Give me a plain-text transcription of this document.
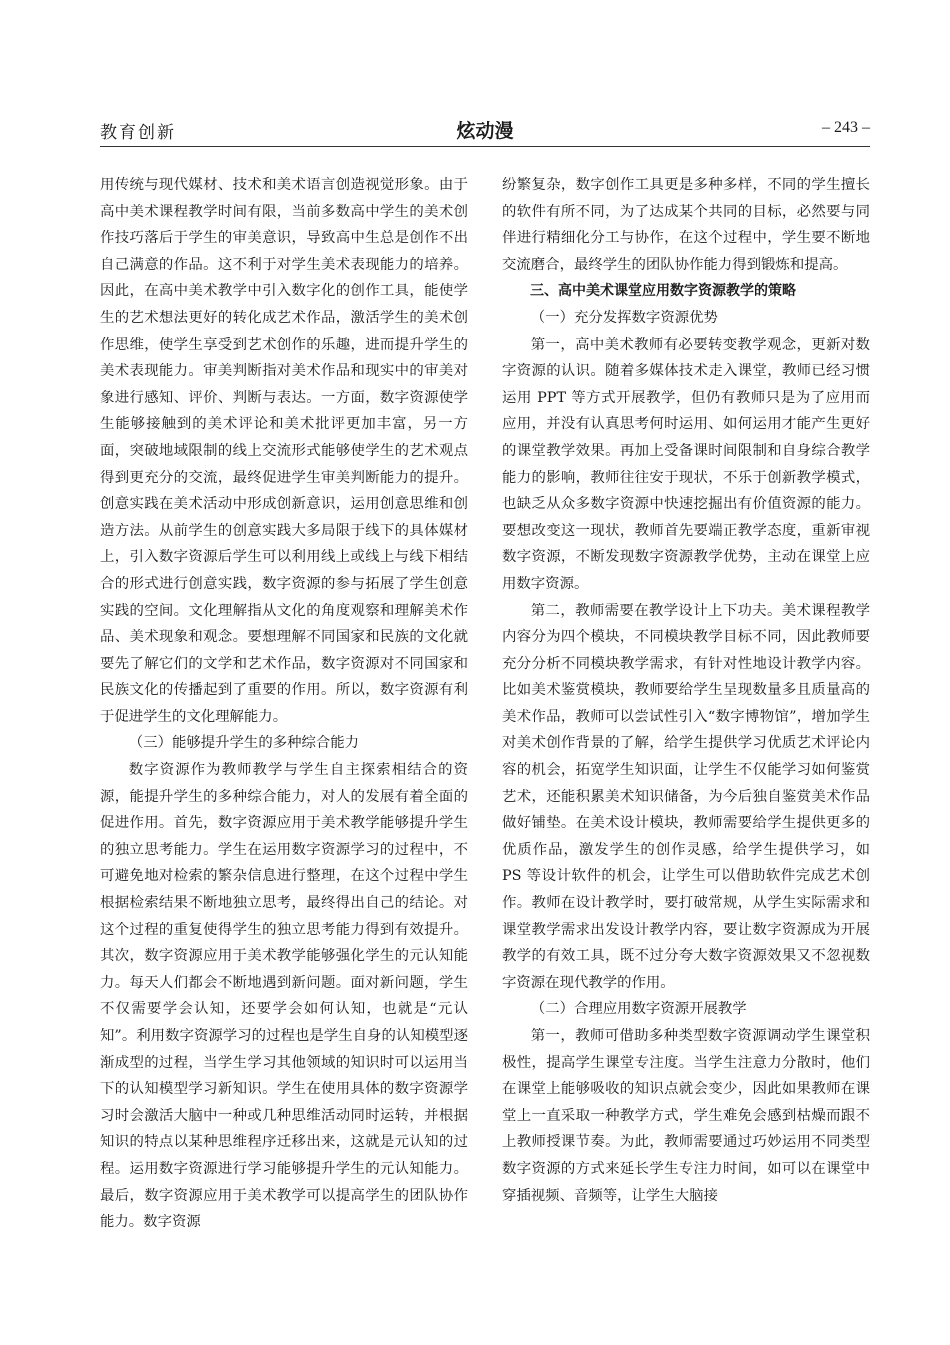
教育创新	炫动漫	– 243 –

用传统与现代媒材、技术和美术语言创造视觉形象。由于高中美术课程教学时间有限，当前多数高中学生的美术创作技巧落后于学生的审美意识，导致高中生总是创作不出自己满意的作品。这不利于对学生美术表现能力的培养。因此，在高中美术教学中引入数字化的创作工具，能使学生的艺术想法更好的转化成艺术作品，激活学生的美术创作思维，使学生享受到艺术创作的乐趣，进而提升学生的美术表现能力。审美判断指对美术作品和现实中的审美对象进行感知、评价、判断与表达。一方面，数字资源使学生能够接触到的美术评论和美术批评更加丰富，另一方面，突破地域限制的线上交流形式能够使学生的艺术观点得到更充分的交流，最终促进学生审美判断能力的提升。创意实践在美术活动中形成创新意识，运用创意思维和创造方法。从前学生的创意实践大多局限于线下的具体媒材上，引入数字资源后学生可以利用线上或线上与线下相结合的形式进行创意实践，数字资源的参与拓展了学生创意实践的空间。文化理解指从文化的角度观察和理解美术作品、美术现象和观念。要想理解不同国家和民族的文化就要先了解它们的文学和艺术作品，数字资源对不同国家和民族文化的传播起到了重要的作用。所以，数字资源有利于促进学生的文化理解能力。

（三）能够提升学生的多种综合能力

数字资源作为教师教学与学生自主探索相结合的资源，能提升学生的多种综合能力，对人的发展有着全面的促进作用。首先，数字资源应用于美术教学能够提升学生的独立思考能力。学生在运用数字资源学习的过程中，不可避免地对检索的繁杂信息进行整理，在这个过程中学生根据检索结果不断地独立思考，最终得出自己的结论。对这个过程的重复使得学生的独立思考能力得到有效提升。其次，数字资源应用于美术教学能够强化学生的元认知能力。每天人们都会不断地遇到新问题。面对新问题，学生不仅需要学会认知，还要学会如何认知，也就是“元认知”。利用数字资源学习的过程也是学生自身的认知模型逐渐成型的过程，当学生学习其他领域的知识时可以运用当下的认知模型学习新知识。学生在使用具体的数字资源学习时会激活大脑中一种或几种思维活动同时运转，并根据知识的特点以某种思维程序迁移出来，这就是元认知的过程。运用数字资源进行学习能够提升学生的元认知能力。最后，数字资源应用于美术教学可以提高学生的团队协作能力。数字资源

纷繁复杂，数字创作工具更是多种多样，不同的学生擅长的软件有所不同，为了达成某个共同的目标，必然要与同伴进行精细化分工与协作，在这个过程中，学生要不断地交流磨合，最终学生的团队协作能力得到锻炼和提高。

三、高中美术课堂应用数字资源教学的策略

（一）充分发挥数字资源优势

第一，高中美术教师有必要转变教学观念，更新对数字资源的认识。随着多媒体技术走入课堂，教师已经习惯运用 PPT 等方式开展教学，但仍有教师只是为了应用而应用，并没有认真思考何时运用、如何运用才能产生更好的课堂教学效果。再加上受备课时间限制和自身综合教学能力的影响，教师往往安于现状，不乐于创新教学模式，也缺乏从众多数字资源中快速挖掘出有价值资源的能力。要想改变这一现状，教师首先要端正教学态度，重新审视数字资源，不断发现数字资源教学优势，主动在课堂上应用数字资源。

第二，教师需要在教学设计上下功夫。美术课程教学内容分为四个模块，不同模块教学目标不同，因此教师要充分分析不同模块教学需求，有针对性地设计教学内容。比如美术鉴赏模块，教师要给学生呈现数量多且质量高的美术作品，教师可以尝试性引入“数字博物馆”，增加学生对美术创作背景的了解，给学生提供学习优质艺术评论内容的机会，拓宽学生知识面，让学生不仅能学习如何鉴赏艺术，还能积累美术知识储备，为今后独自鉴赏美术作品做好铺垫。在美术设计模块，教师需要给学生提供更多的优质作品，激发学生的创作灵感，给学生提供学习，如 PS 等设计软件的机会，让学生可以借助软件完成艺术创作。教师在设计教学时，要打破常规，从学生实际需求和课堂教学需求出发设计教学内容，要让数字资源成为开展教学的有效工具，既不过分夸大数字资源效果又不忽视数字资源在现代教学的作用。

（二）合理应用数字资源开展教学

第一，教师可借助多种类型数字资源调动学生课堂积极性，提高学生课堂专注度。当学生注意力分散时，他们在课堂上能够吸收的知识点就会变少，因此如果教师在课堂上一直采取一种教学方式，学生难免会感到枯燥而跟不上教师授课节奏。为此，教师需要通过巧妙运用不同类型数字资源的方式来延长学生专注力时间，如可以在课堂中穿插视频、音频等，让学生大脑接
